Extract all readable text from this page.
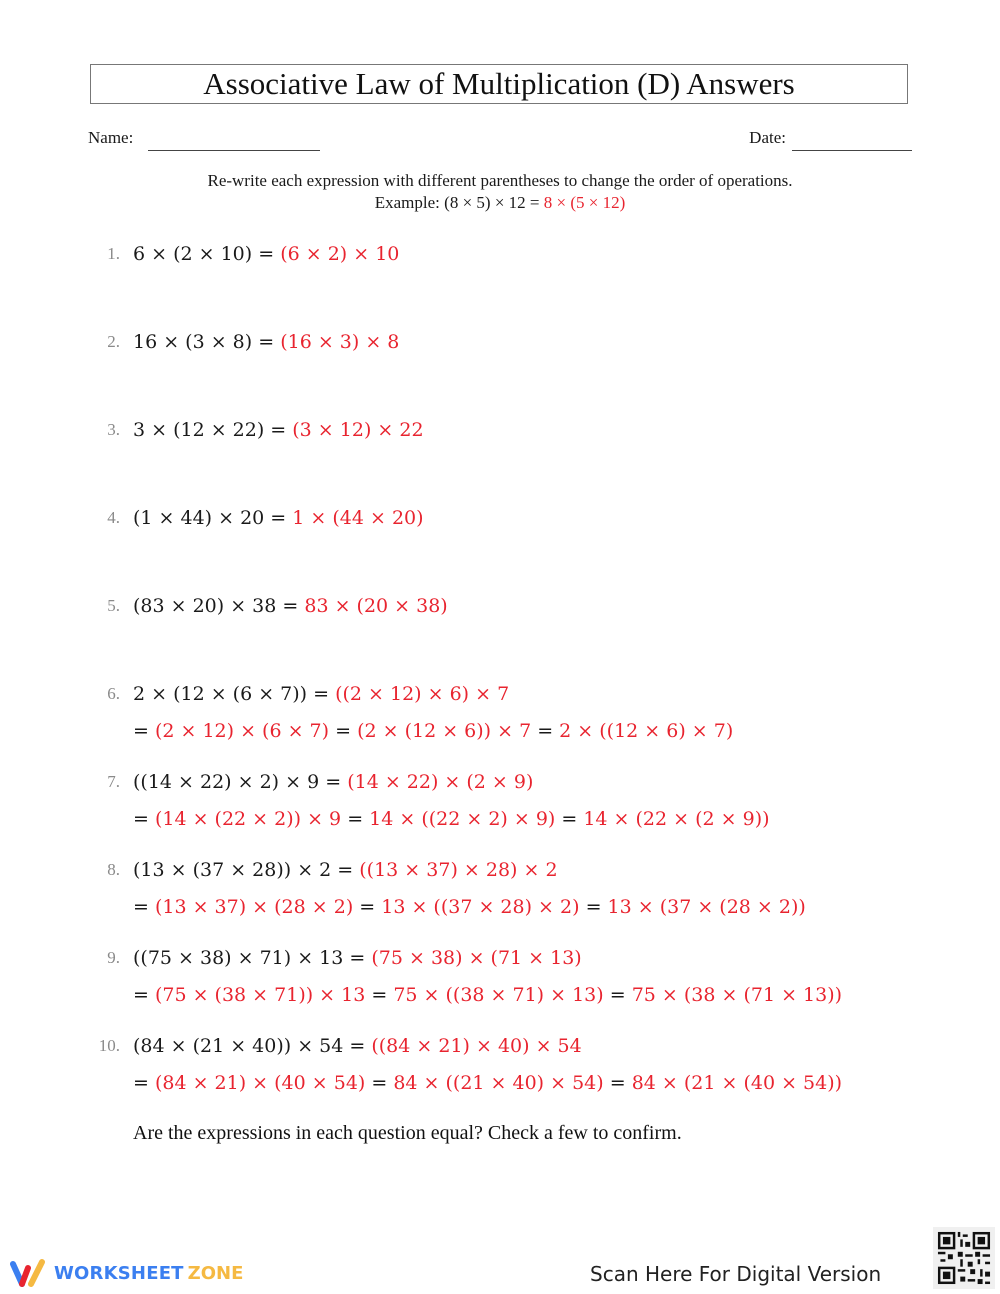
Associative Law of Multiplication (D) Answers
Name:	Date:
Re-write each expression with different parentheses to change the order of operations.
Example: (8 × 5) × 12 = 8 × (5 × 12)
1. 6 × (2 × 10) = (6 × 2) × 10
2. 16 × (3 × 8) = (16 × 3) × 8
3. 3 × (12 × 22) = (3 × 12) × 22
4. (1 × 44) × 20 = 1 × (44 × 20)
5. (83 × 20) × 38 = 83 × (20 × 38)
6. 2 × (12 × (6 × 7)) = ((2 × 12) × 6) × 7
= (2 × 12) × (6 × 7) = (2 × (12 × 6)) × 7 = 2 × ((12 × 6) × 7)
7. ((14 × 22) × 2) × 9 = (14 × 22) × (2 × 9)
= (14 × (22 × 2)) × 9 = 14 × ((22 × 2) × 9) = 14 × (22 × (2 × 9))
8. (13 × (37 × 28)) × 2 = ((13 × 37) × 28) × 2
= (13 × 37) × (28 × 2) = 13 × ((37 × 28) × 2) = 13 × (37 × (28 × 2))
9. ((75 × 38) × 71) × 13 = (75 × 38) × (71 × 13)
= (75 × (38 × 71)) × 13 = 75 × ((38 × 71) × 13) = 75 × (38 × (71 × 13))
10. (84 × (21 × 40)) × 54 = ((84 × 21) × 40) × 54
= (84 × 21) × (40 × 54) = 84 × ((21 × 40) × 54) = 84 × (21 × (40 × 54))
Are the expressions in each question equal? Check a few to confirm.
WORKSHEET ZONE	Scan Here For Digital Version
